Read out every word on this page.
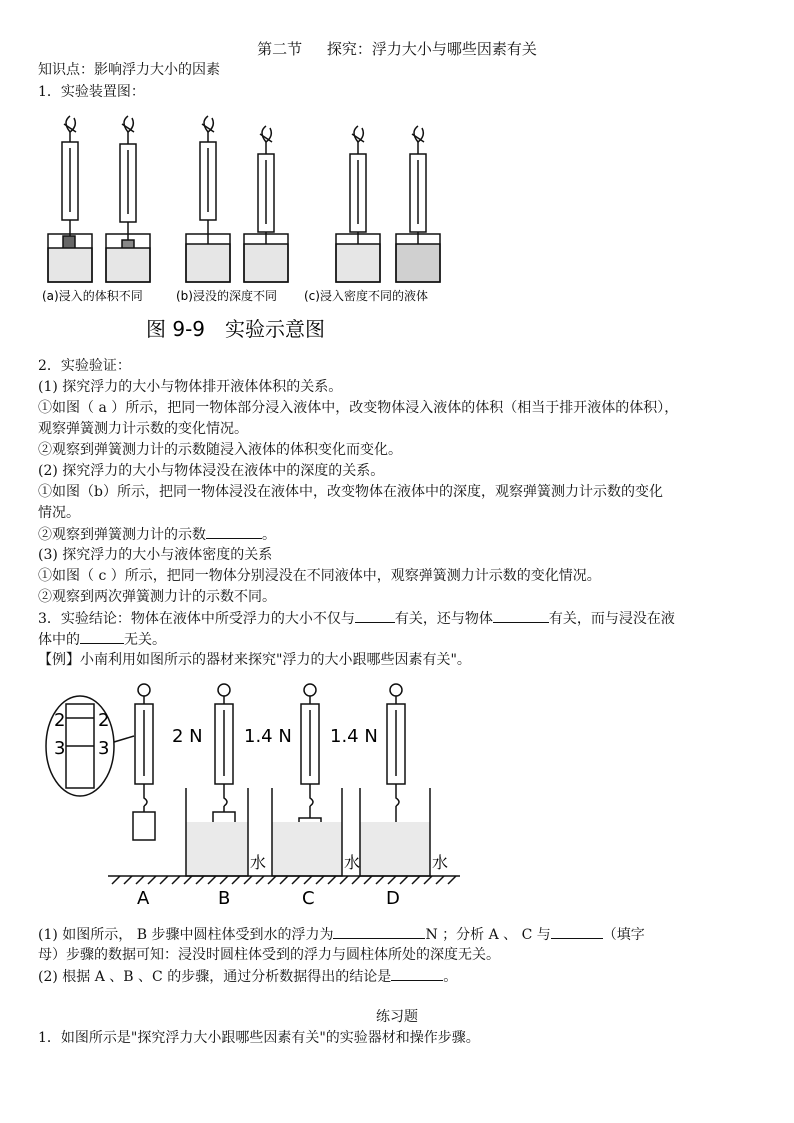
第二节 探究：浮力大小与哪些因素有关
知识点：影响浮力大小的因素
1．实验装置图：
(a)浸入的体积不同	(b)浸没的深度不同 (c)浸入密度不同的液体
图 9-9　实验示意图
2．实验验证：
(1) 探究浮力的大小与物体排开液体体积的关系。
①如图（ a ）所示，把同一物体部分浸入液体中，改变物体浸入液体的体积（相当于排开液体的体积），
观察弹簧测力计示数的变化情况。
②观察到弹簧测力计的示数随浸入液体的体积变化而变化。
(2) 探究浮力的大小与物体浸没在液体中的深度的关系。
①如图（b）所示，把同一物体浸没在液体中，改变物体在液体中的深度，观察弹簧测力计示数的变化
情况。
②观察到弹簧测力计的示数	。
(3) 探究浮力的大小与液体密度的关系
①如图（ c ）所示，把同一物体分别浸没在不同液体中，观察弹簧测力计示数的变化情况。
②观察到两次弹簧测力计的示数不同。
3．实验结论：物体在液体中所受浮力的大小不仅与	有关，还与物体	有关，而与浸没在液
体中的	无关。
【例】小南利用如图所示的器材来探究"浮力的大小跟哪些因素有关"。
2
3
2
3
2 N 1.4 N 1.4 N
水	水	水
A	B	C	D
(1) 如图所示， B 步骤中圆柱体受到水的浮力为	N ；分析 A 、 C 与	（填字
母）步骤的数据可知：浸没时圆柱体受到的浮力与圆柱体所处的深度无关。
(2) 根据 A 、B 、C 的步骤，通过分析数据得出的结论是	。
练习题
1．如图所示是"探究浮力大小跟哪些因素有关"的实验器材和操作步骤。
